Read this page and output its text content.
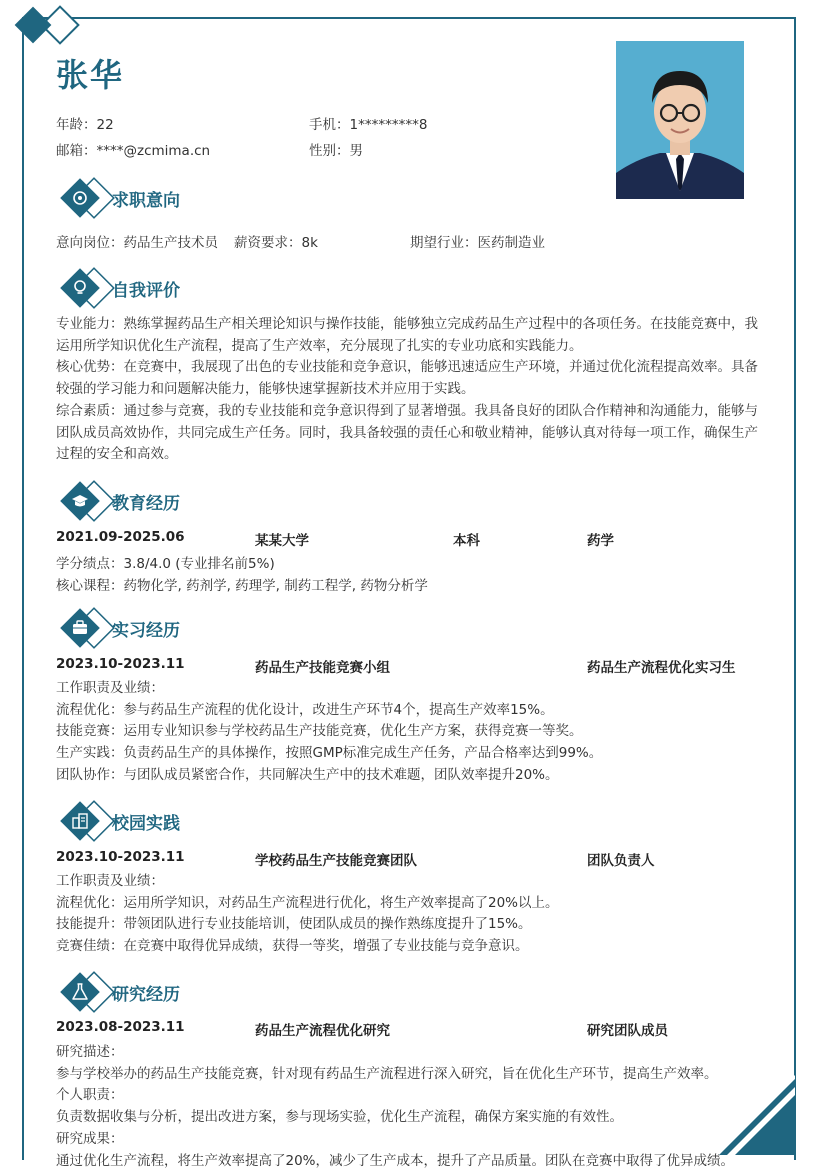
张华
年龄：22	手机：1*********8
邮箱：****@zcmima.cn	性别：男
求职意向
意向岗位：药品生产技术员 薪资要求：8k	期望行业：医药制造业
自我评价
专业能力：熟练掌握药品生产相关理论知识与操作技能，能够独立完成药品生产过程中的各项任务。在技能竞赛中，我运用所学知识优化生产流程，提高了生产效率，充分展现了扎实的专业功底和实践能力。
核心优势：在竞赛中，我展现了出色的专业技能和竞争意识，能够迅速适应生产环境，并通过优化流程提高效率。具备较强的学习能力和问题解决能力，能够快速掌握新技术并应用于实践。
综合素质：通过参与竞赛，我的专业技能和竞争意识得到了显著增强。我具备良好的团队合作精神和沟通能力，能够与团队成员高效协作，共同完成生产任务。同时，我具备较强的责任心和敬业精神，能够认真对待每一项工作，确保生产过程的安全和高效。
教育经历
2021.09-2025.06	某某大学	本科	药学
学分绩点：3.8/4.0 (专业排名前5%)
核心课程：药物化学, 药剂学, 药理学, 制药工程学, 药物分析学
实习经历
2023.10-2023.11	药品生产技能竞赛小组	药品生产流程优化实习生
工作职责及业绩：
流程优化：参与药品生产流程的优化设计，改进生产环节4个，提高生产效率15%。
技能竞赛：运用专业知识参与学校药品生产技能竞赛，优化生产方案，获得竞赛一等奖。
生产实践：负责药品生产的具体操作，按照GMP标准完成生产任务，产品合格率达到99%。
团队协作：与团队成员紧密合作，共同解决生产中的技术难题，团队效率提升20%。
校园实践
2023.10-2023.11	学校药品生产技能竞赛团队	团队负责人
工作职责及业绩：
流程优化：运用所学知识，对药品生产流程进行优化，将生产效率提高了20%以上。
技能提升：带领团队进行专业技能培训，使团队成员的操作熟练度提升了15%。
竞赛佳绩：在竞赛中取得优异成绩，获得一等奖，增强了专业技能与竞争意识。
研究经历
2023.08-2023.11	药品生产流程优化研究	研究团队成员
研究描述：
参与学校举办的药品生产技能竞赛，针对现有药品生产流程进行深入研究，旨在优化生产环节，提高生产效率。
个人职责：
负责数据收集与分析，提出改进方案，参与现场实验，优化生产流程，确保方案实施的有效性。
研究成果：
通过优化生产流程，将生产效率提高了20%，减少了生产成本，提升了产品质量。团队在竞赛中取得了优异成绩。
